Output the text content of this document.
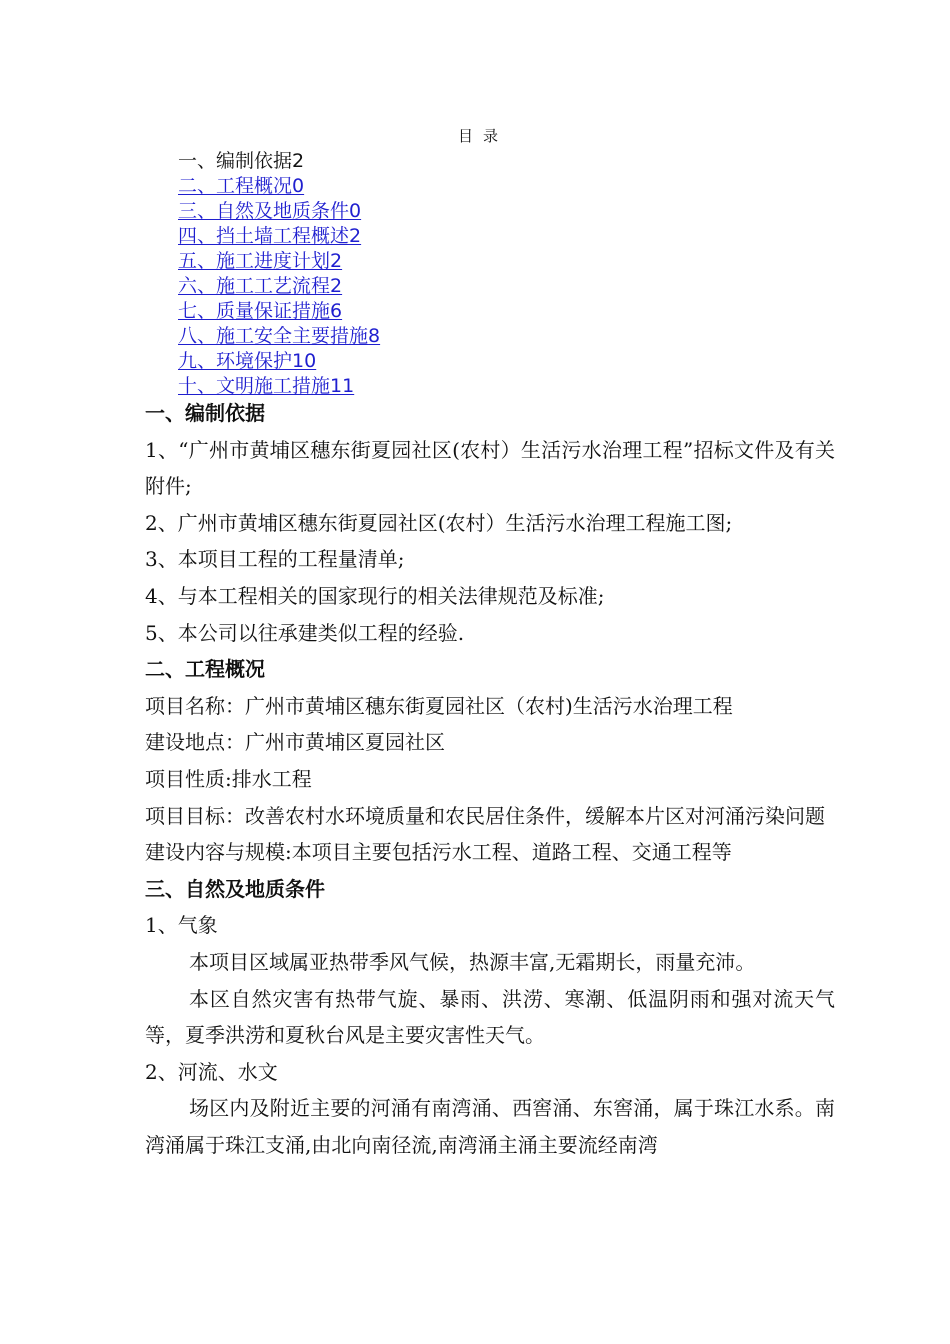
目录
一、编制依据2
二、工程概况0
三、自然及地质条件0
四、挡土墙工程概述2
五、施工进度计划2
六、施工工艺流程2
七、质量保证措施6
八、施工安全主要措施8
九、环境保护10
十、文明施工措施11

一、编制依据

1、“广州市黄埔区穗东街夏园社区(农村）生活污水治理工程”招标文件及有关附件;

2、广州市黄埔区穗东街夏园社区(农村）生活污水治理工程施工图;

3、本项目工程的工程量清单;

4、与本工程相关的国家现行的相关法律规范及标准;

5、本公司以往承建类似工程的经验.

二、工程概况

项目名称：广州市黄埔区穗东街夏园社区（农村)生活污水治理工程

建设地点：广州市黄埔区夏园社区

项目性质:排水工程

项目目标：改善农村水环境质量和农民居住条件，缓解本片区对河涌污染问题

建设内容与规模:本项目主要包括污水工程、道路工程、交通工程等

三、自然及地质条件

1、气象

本项目区域属亚热带季风气候，热源丰富,无霜期长，雨量充沛。

本区自然灾害有热带气旋、暴雨、洪涝、寒潮、低温阴雨和强对流天气等，夏季洪涝和夏秋台风是主要灾害性天气。

2、河流、水文

场区内及附近主要的河涌有南湾涌、西窖涌、东窖涌，属于珠江水系。南湾涌属于珠江支涌,由北向南径流,南湾涌主涌主要流经南湾
